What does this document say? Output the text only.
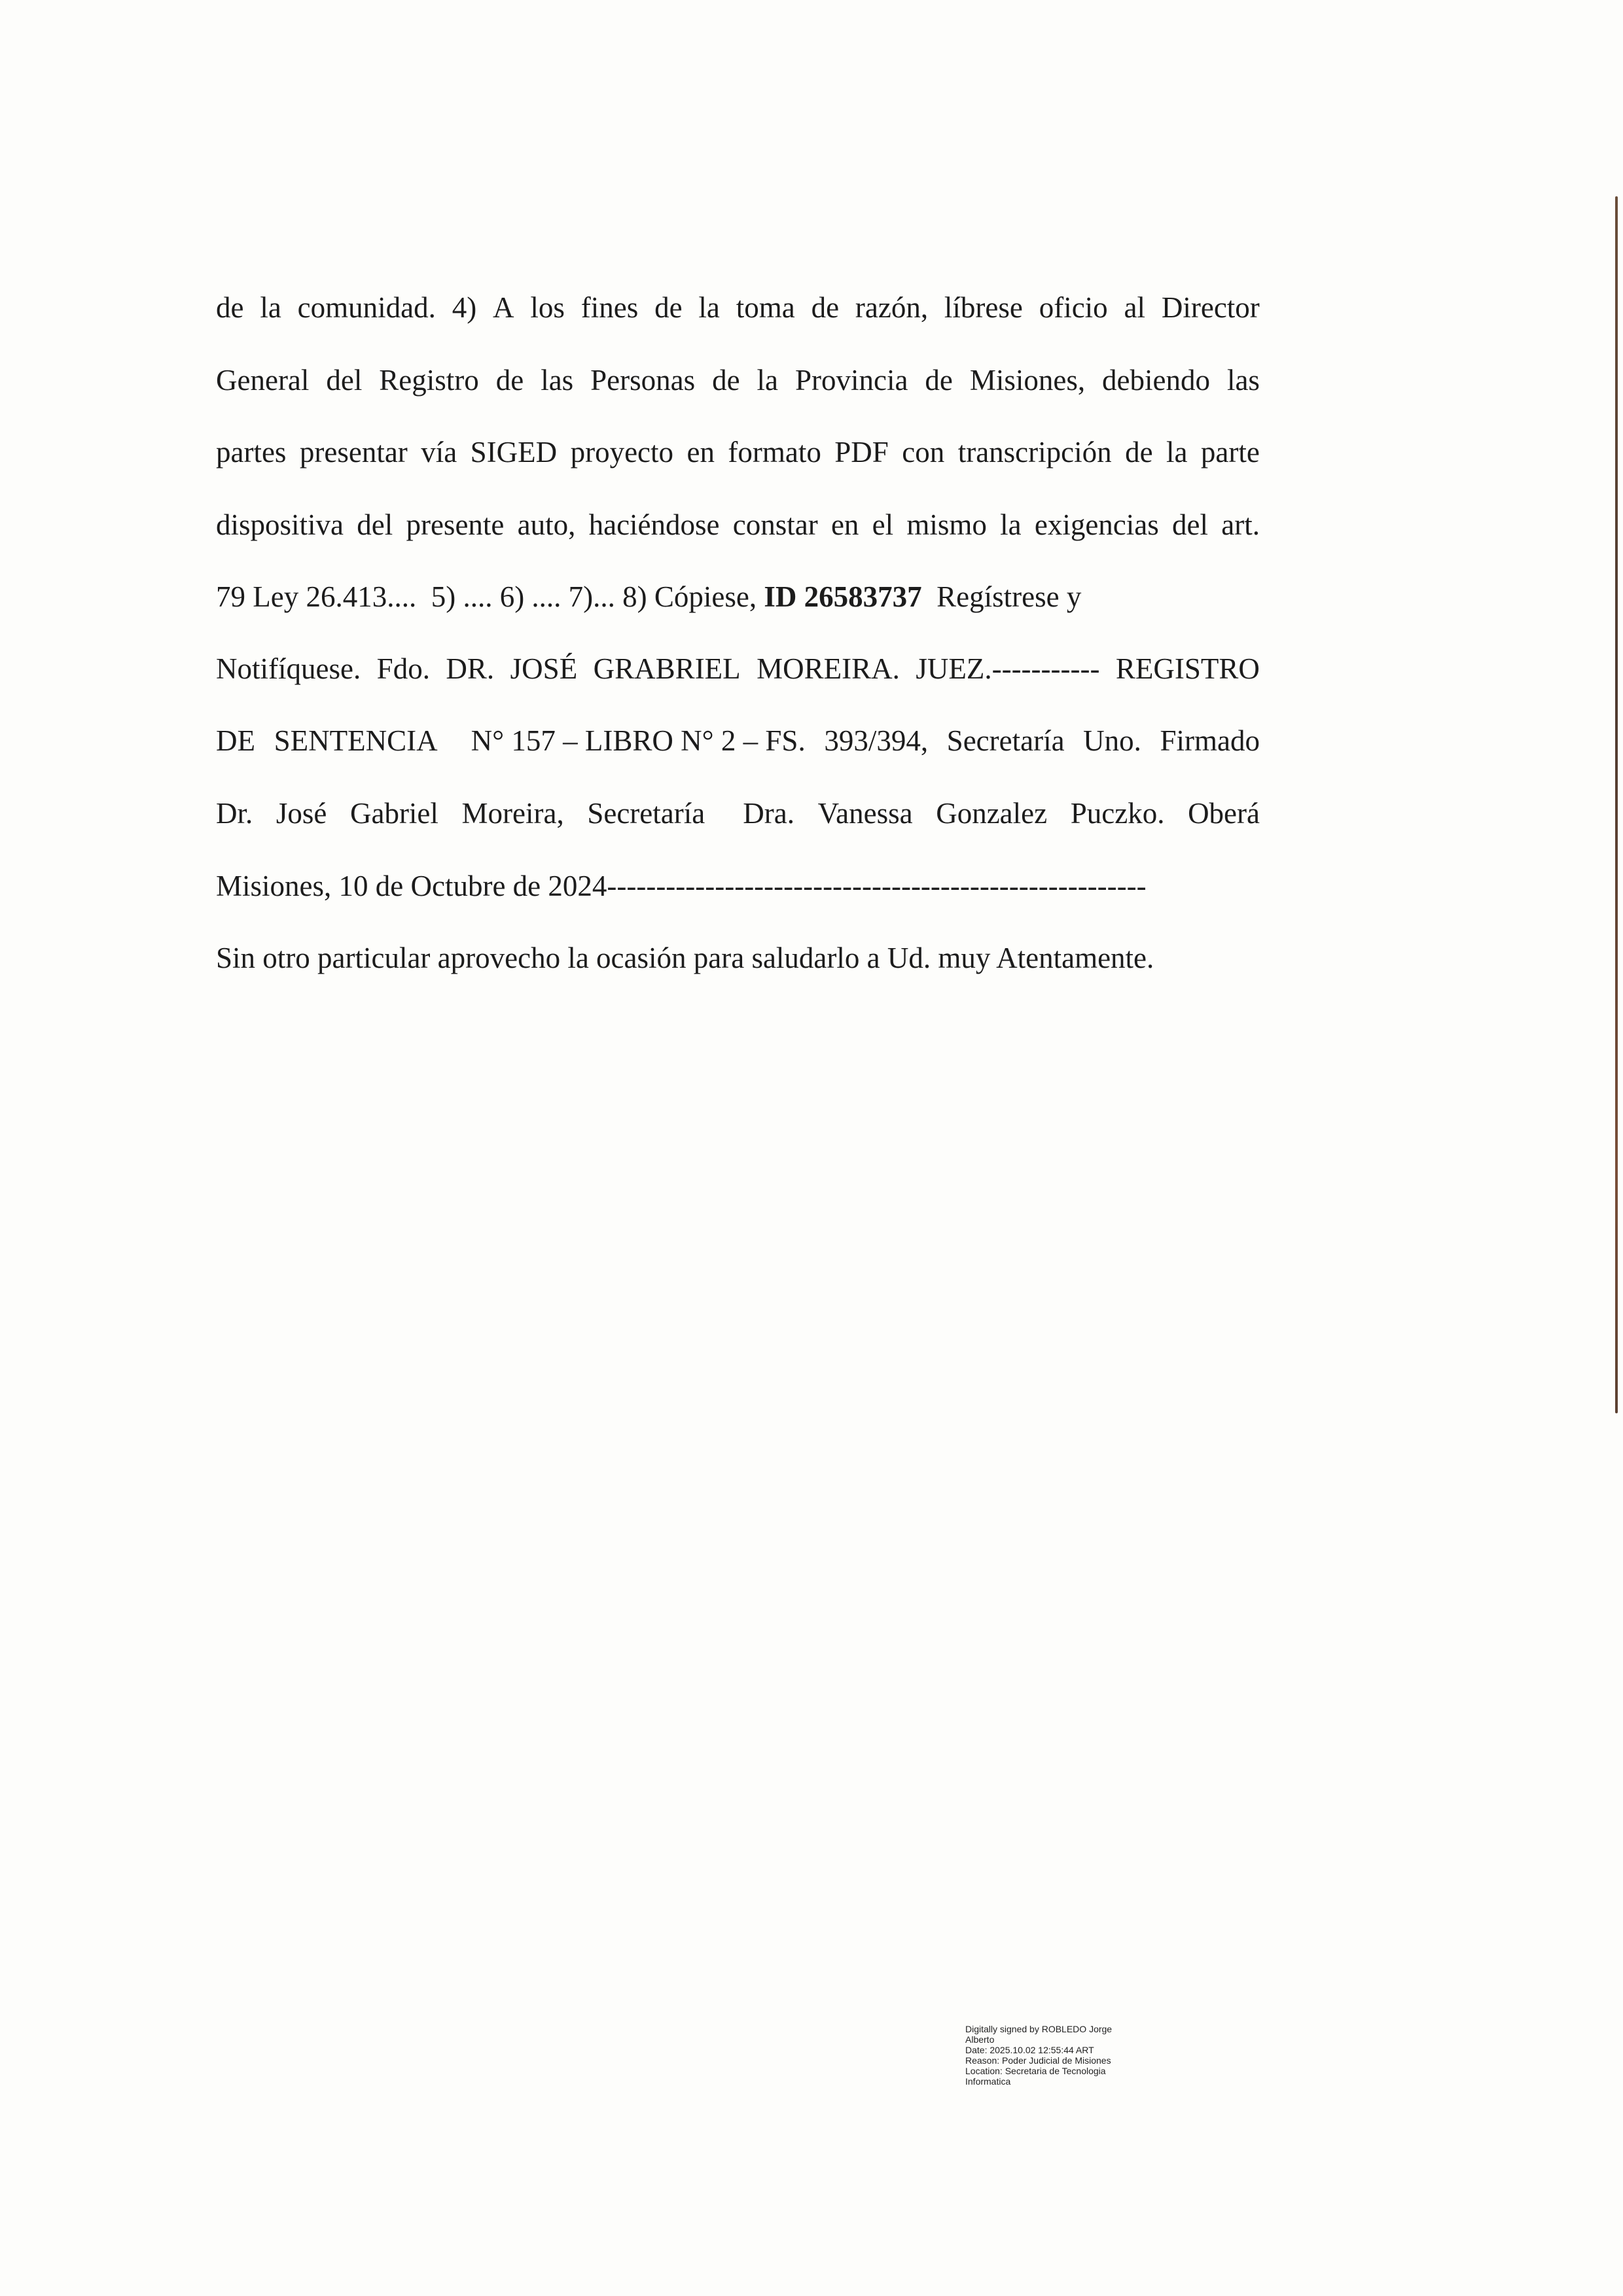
de la comunidad. 4) A los fines de la toma de razón, líbrese oficio al Director
General del Registro de las Personas de la Provincia de Misiones, debiendo las
partes presentar vía SIGED proyecto en formato PDF con transcripción de la parte
dispositiva del presente auto, haciéndose constar en el mismo la exigencias del art.
79 Ley 26.413....  5) .... 6) .... 7)... 8) Cópiese, ID 26583737  Regístrese y
Notifíquese. Fdo. DR. JOSÉ GRABRIEL MOREIRA. JUEZ.----------- REGISTRO
DE SENTENCIA N° 157 – LIBRO N° 2 – FS. 393/394, Secretaría Uno. Firmado
Dr. José Gabriel Moreira, Secretaría Dra. Vanessa Gonzalez Puczko. Oberá
Misiones, 10 de Octubre de 2024-------------------------------------------------------
Sin otro particular aprovecho la ocasión para saludarlo a Ud. muy Atentamente.
Digitally signed by ROBLEDO Jorge
Alberto
Date: 2025.10.02 12:55:44 ART
Reason: Poder Judicial de Misiones
Location: Secretaria de Tecnologia
Informatica
